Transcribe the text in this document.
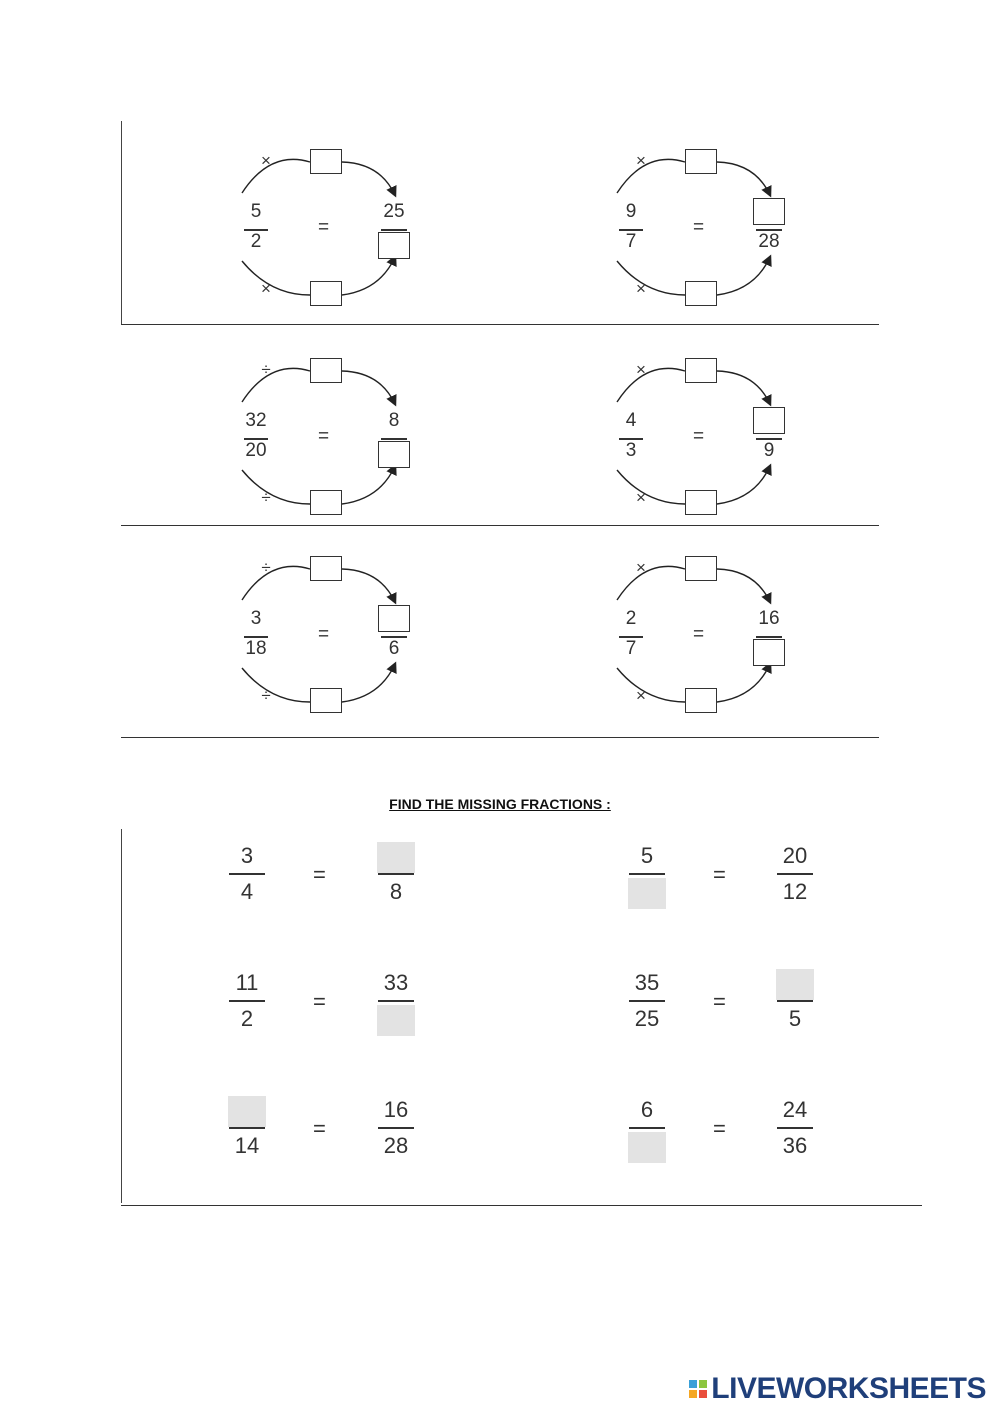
×
×
5
2
=
25
×
×
9
7
=
28
÷
÷
32
20
=
8
×
×
4
3
=
9
÷
÷
3
18
=
6
×
×
2
7
=
16
FIND THE MISSING FRACTIONS :
3
4
=
8
5
=
20
12
11
2
=
33	35
25
=
5
14
=
16
28
6
=
24
36
LIVEWORKSHEETS
